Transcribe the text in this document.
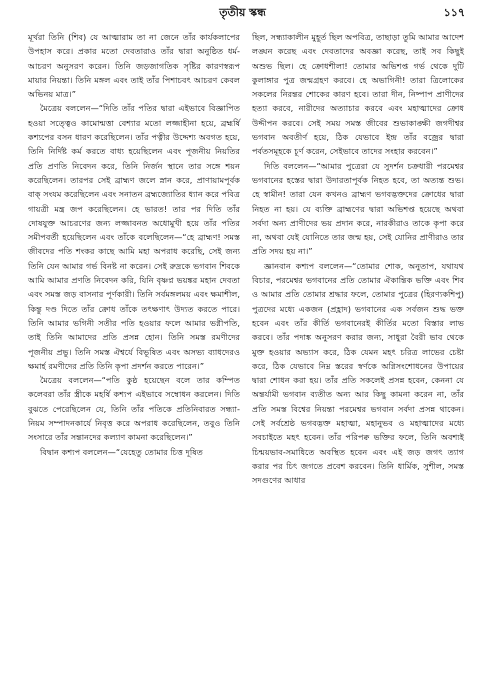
তৃতীয় স্কন্ধ	১১৭

মূর্খরা তিনি (শিব) যে আত্মারাম তা না জেনে তাঁর কার্যকলাপের উপহাস করে। প্রকার মতো দেবতারাও তাঁর দ্বারা অনুষ্ঠিত ধর্ম-আচরণ অনুসরণ করেন। তিনি জড়জাগতিক সৃষ্টির কারণস্বরূপ মায়ার নিয়ন্তা। তিনি মঙ্গল এবং তাই তাঁর পিশাচবৎ আচরণ কেবল অভিনয় মাত্র।”

মৈত্রেয় বললেন—“দিতি তাঁর পতির দ্বারা এইভাবে বিজ্ঞাপিত হওয়া সত্ত্বেও কামোন্মত্তা বেশ্যার মতো লজ্জাহীনা হয়ে, ব্রহ্মর্ষি কশ্যপের বসন ধারণ করেছিলেন। তাঁর পত্নীর উদ্দেশ্য অবগত হয়ে, তিনি নির্দিষ্ট কর্ম করতে বাধ্য হয়েছিলেন এবং পূজনীয় নিয়তির প্রতি প্রণতি নিবেদন করে, তিনি নির্জন স্থানে তার সঙ্গে শয়ন করেছিলেন। তারপর সেই ব্রাহ্মণ জলে স্নান করে, প্রাণায়ামপূর্বক বাক্ সংযম করেছিলেন এবং সনাতন ব্রহ্মজ্যোতির ধ্যান করে পবিত্র গায়ত্রী মন্ত্র জপ করেছিলেন। হে ভারত! তার পর দিতি তাঁর দোষযুক্ত আচরণের জন্য লজ্জাবনত অধোমুখী হয়ে তাঁর পতির সমীপবর্তী হয়েছিলেন এবং তাঁকে বলেছিলেন—“হে ব্রাহ্মণ! সমস্ত জীবদের পতি শংকর কাছে আমি মহা অপরাধ করেছি, সেই জন্য তিনি যেন আমার গর্ভ বিনষ্ট না করেন। সেই রুদ্রকে ভগবান শিবকে আমি আমার প্রণতি নিবেদন করি, যিনি বৃষ্ণপ্ন ভয়ঙ্কর মহান দেবতা এবং সমস্ত জড় বাসনার পূর্ণকারী। তিনি সর্বমঙ্গলময় এবং ক্ষমাশীল, কিন্তু দণ্ড দিতে তাঁর ক্রোধ তাঁকে তৎক্ষণাৎ উদ্যত করতে পারে। তিনি আমার ভগিনী সতীর পতি হওয়ার ফলে আমার ভগ্নীপতি, তাই তিনি আমাদের প্রতি প্রসন্ন হোন। তিনি সমস্ত রমণীদের পূজনীয় প্রভু। তিনি সমস্ত ঐশ্বর্যে বিভূষিত এবং অসভ্য ব্যাধদেরও ক্ষমার্হ রমণীদের প্রতি তিনি কৃপা প্রদর্শন করতে পারেন।”

মৈত্রেয় বললেন—“পতি কুষ্ঠ হয়েছেন বলে তার কম্পিত কলেবরা তাঁর স্ত্রীকে মহর্ষি কশ্যপ এইভাবে সম্বোধন করলেন। দিতি বুঝতে পেরেছিলেন যে, তিনি তাঁর পতিকে প্রতিনিবারত সন্ধ্যা-নিয়ম সম্পাদনকার্যে নিবৃত্ত করে অপরাধ করেছিলেন, তবুও তিনি সংসারে তাঁর সন্তানদের কল্যাণ কামনা করেছিলেন।”

বিদ্বান কশ্যপ বললেন—“যেহেতু তোমার চিত্ত দূষিত

ছিল, সন্ধ্যাকালীন মুহূর্ত ছিল অপবিত্র, তাছাড়া তুমি আমার আদেশ লঙ্ঘন করেছ এবং দেবতাদের অবজ্ঞা করেছ, তাই সব কিছুই অশুভ ছিল। হে ক্রোধশীলা! তোমার অভিশপ্ত গর্ভ থেকে দুটি কুলাঙ্গার পুত্র জন্মগ্রহণ করবে। হে অভাগিনী! তারা ত্রিলোকের সকলের নিরন্তর শোকের কারণ হবে। তারা দীন, নিষ্পাপ প্রাণীদের হত্যা করবে, নারীদের অত্যাচার করবে এবং মহাত্মাদের ক্রোধ উদ্দীপন করবে। সেই সময় সমস্ত জীবের শুভাকাঙ্ক্ষী জগদীশ্বর ভগবান অবতীর্ণ হয়ে, ঠিক যেভাবে ইন্দ্র তাঁর বজ্রের দ্বারা পর্বতসমূহকে চূর্ণ করেন, সেইভাবে তাদের সংহার করবেন।”

দিতি বললেন—“আমার পুত্রেরা যে সুদর্শন চক্রধারী পরমেশ্বর ভগবানের হস্তের দ্বারা উদারতাপূর্বক নিহত হবে, তা অত্যন্ত শুভ। হে স্বামীন! তারা যেন কখনও ব্রাহ্মণ ভগবদ্ভক্তদের ক্রোধের দ্বারা নিহত না হয়। যে ব্যক্তি ব্রাহ্মণের দ্বারা অভিশপ্ত হয়েছে অথবা সর্বদা অন্য প্রাণীদের ভয় প্রদান করে, নারকীরাও তাকে কৃপা করে না, অথবা যেই যোনিতে তার জন্ম হয়, সেই যোনির প্রাণীরাও তার প্রতি সদয় হয় না।”

জ্ঞানবান কশ্যপ বললেন—“তোমার শোক, অনুতাপ, যথাযথ বিচার, পরমেশ্বর ভগবানের প্রতি তোমার ঐকান্তিক ভক্তি এবং শিব ও আমার প্রতি তোমার শ্রদ্ধার ফলে, তোমার পুত্রের (হিরণ্যকশিপু) পুত্রদের মধ্যে একজন (প্রহ্লাদ) ভগবানের এক সর্বজন শুদ্ধ ভক্ত হবেন এবং তাঁর কীর্তি ভগবানেরই কীর্তির মতো বিস্তার লাভ করবে। তাঁর পদাঙ্ক অনুসরণ করার জন্য, সাধুরা বৈরী ভাব থেকে মুক্ত হওয়ার অভ্যাস করে, ঠিক যেমন মহৎ চরিত্র লাভের চেষ্টা করে, ঠিক যেভাবে নিম্ন স্তরের স্বর্ণকে অগ্নিসংশোধনের উপায়ের দ্বারা শোধন করা হয়। তাঁর প্রতি সকলেই প্রসন্ন হবেন, কেননা যে অন্তর্যামী ভগবান ব্যতীত অন্য আর কিছু কামনা করেন না, তাঁর প্রতি সমস্ত বিশ্বের নিয়ন্তা পরমেশ্বর ভগবান সর্বদা প্রসন্ন থাকেন। সেই সর্বশ্রেষ্ঠ ভগবদ্ভক্ত মহাত্মা, মহানুভব ও মহাত্মাদের মধ্যে সবচাইতে মহৎ হবেন। তাঁর পরিপক্ব ভক্তির ফলে, তিনি অবশ্যই চিন্ময়ভাব-সমাধিতে অবস্থিত হবেন এবং এই জড় জগৎ ত্যাগ করার পর চিৎ জগতে প্রবেশ করবেন। তিনি ধার্মিক, সুশীল, সমস্ত সদগুণের আধার
